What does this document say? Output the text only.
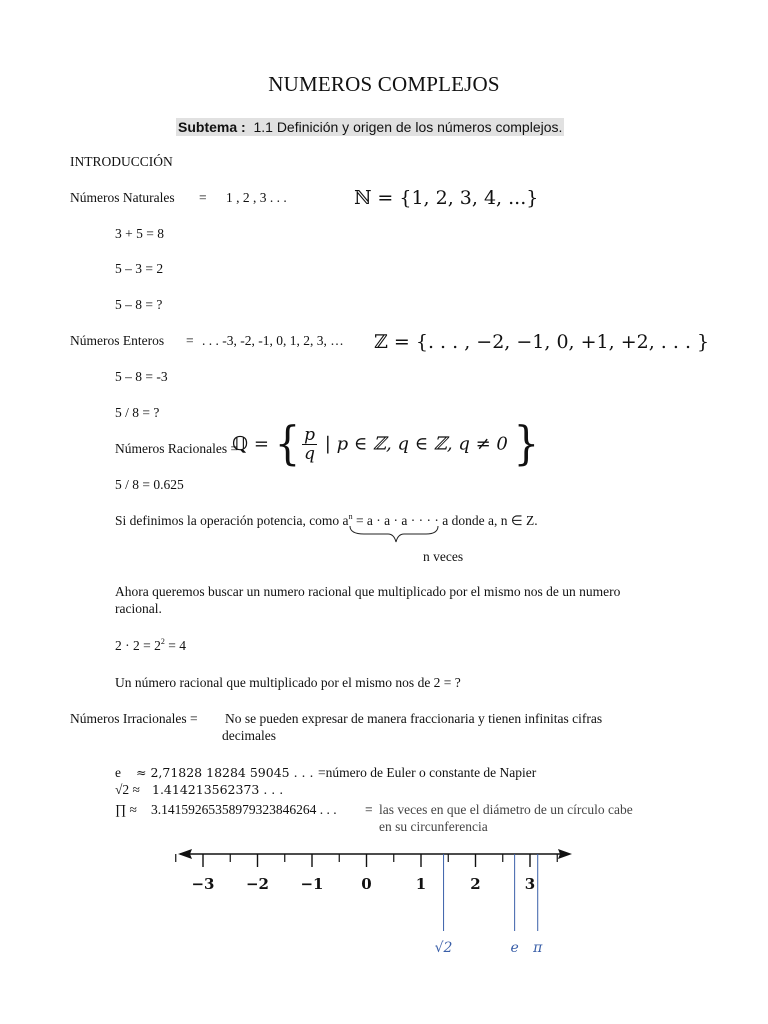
NUMEROS COMPLEJOS
Subtema : 1.1 Definición y origen de los números complejos.
INTRODUCCIÓN
Números Naturales = 1 , 2 , 3 . . .	ℕ = {1, 2, 3, 4, ...}
3 + 5 = 8
5 – 3 = 2
5 – 8 = ?
Números Enteros = . . . -3, -2, -1, 0, 1, 2, 3, … ℤ = {. . . , −2, −1, 0, +1, +2, . . . }
5 – 8 = -3
5 / 8 = ?
Números Racionales =
ℚ = { $\frac{p}{q}$ | p ∈ ℤ, q ∈ ℤ, q ≠ 0 }
5 / 8 = 0.625
Si definimos la operación potencia, como $a^n = a \cdot a \cdot a$ · · · · a donde a, n ∈ Z.
n veces
Ahora queremos buscar un numero racional que multiplicado por el mismo nos de un numero
racional.
$2 \cdot 2 = 2^2 = 4$
Un número racional que multiplicado por el mismo nos de 2 = ?
Números Irracionales = No se pueden expresar de manera fraccionaria y tienen infinitas cifras
decimales
e ≈ 2,71828 18284 59045 . . . =número de Euler o constante de Napier
√2 ≈ 1.414213562373 . . .
∏ ≈ 3.14159265358979323846264 . . . = las veces en que el diámetro de un círculo cabe
en su circunferencia
−3 −2 −1	0	1	2	3
√2	e π
